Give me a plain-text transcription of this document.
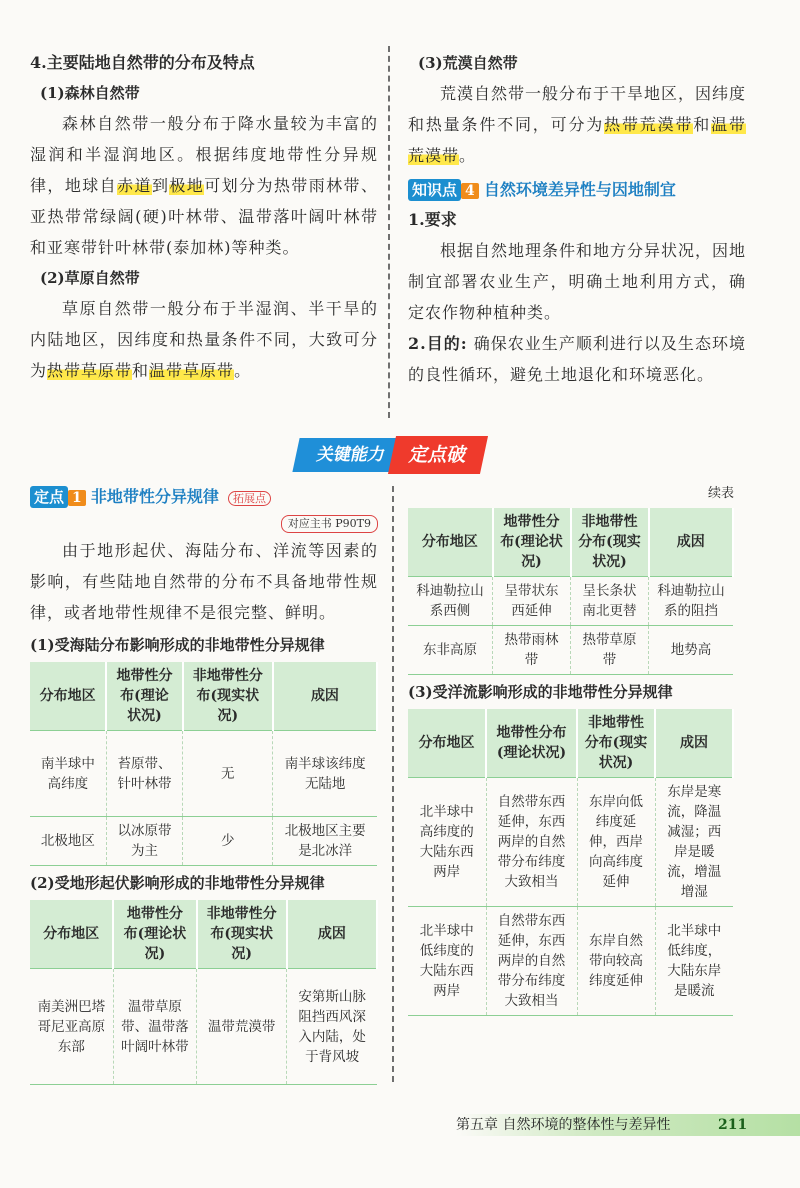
4.主要陆地自然带的分布及特点
(1)森林自然带

森林自然带一般分布于降水量较为丰富的湿润和半湿润地区。根据纬度地带性分异规律，地球自赤道到极地可划分为热带雨林带、亚热带常绿阔(硬)叶林带、温带落叶阔叶林带和亚寒带针叶林带(泰加林)等种类。

(2)草原自然带

草原自然带一般分布于半湿润、半干旱的内陆地区，因纬度和热量条件不同，大致可分为热带草原带和温带草原带。

(3)荒漠自然带

荒漠自然带一般分布于干旱地区，因纬度和热量条件不同，可分为热带荒漠带和温带荒漠带。

知识点 4 自然环境差异性与因地制宜
1.要求

根据自然地理条件和地方分异状况，因地制宜部署农业生产，明确土地利用方式，确定农作物种植种类。

2.目的: 确保农业生产顺利进行以及生态环境的良性循环，避免土地退化和环境恶化。
关键能力	定点破
定点 1 非地带性分异规律 拓展点
对应主书 P90T9

由于地形起伏、海陆分布、洋流等因素的影响，有些陆地自然带的分布不具备地带性规律，或者地带性规律不是很完整、鲜明。

(1)受海陆分布影响形成的非地带性分异规律
分布地区	地带性分布(理论状况)	非地带性分布(现实状况)	成因
南半球中高纬度	苔原带、针叶林带	无	南半球该纬度无陆地
北极地区	以冰原带为主	少	北极地区主要是北冰洋
(2)受地形起伏影响形成的非地带性分异规律
分布地区	地带性分布(理论状况)	非地带性分布(现实状况)	成因
南美洲巴塔哥尼亚高原东部	温带草原带、温带落叶阔叶林带	温带荒漠带	安第斯山脉阻挡西风深入内陆，处于背风坡
续表
分布地区	地带性分布(理论状况)	非地带性分布(现实状况)	成因
科迪勒拉山系西侧	呈带状东西延伸	呈长条状南北更替	科迪勒拉山系的阻挡
东非高原	热带雨林带	热带草原带	地势高
(3)受洋流影响形成的非地带性分异规律
分布地区	地带性分布(理论状况)	非地带性分布(现实状况)	成因
北半球中高纬度的大陆东西两岸	自然带东西延伸，东西两岸的自然带分布纬度大致相当	东岸向低纬度延伸，西岸向高纬度延伸	东岸是寒流，降温减湿；西岸是暖流，增温增湿
北半球中低纬度的大陆东西两岸	自然带东西延伸，东西两岸的自然带分布纬度大致相当	东岸自然带向较高纬度延伸	北半球中低纬度，大陆东岸是暖流
第五章 自然环境的整体性与差异性	211
